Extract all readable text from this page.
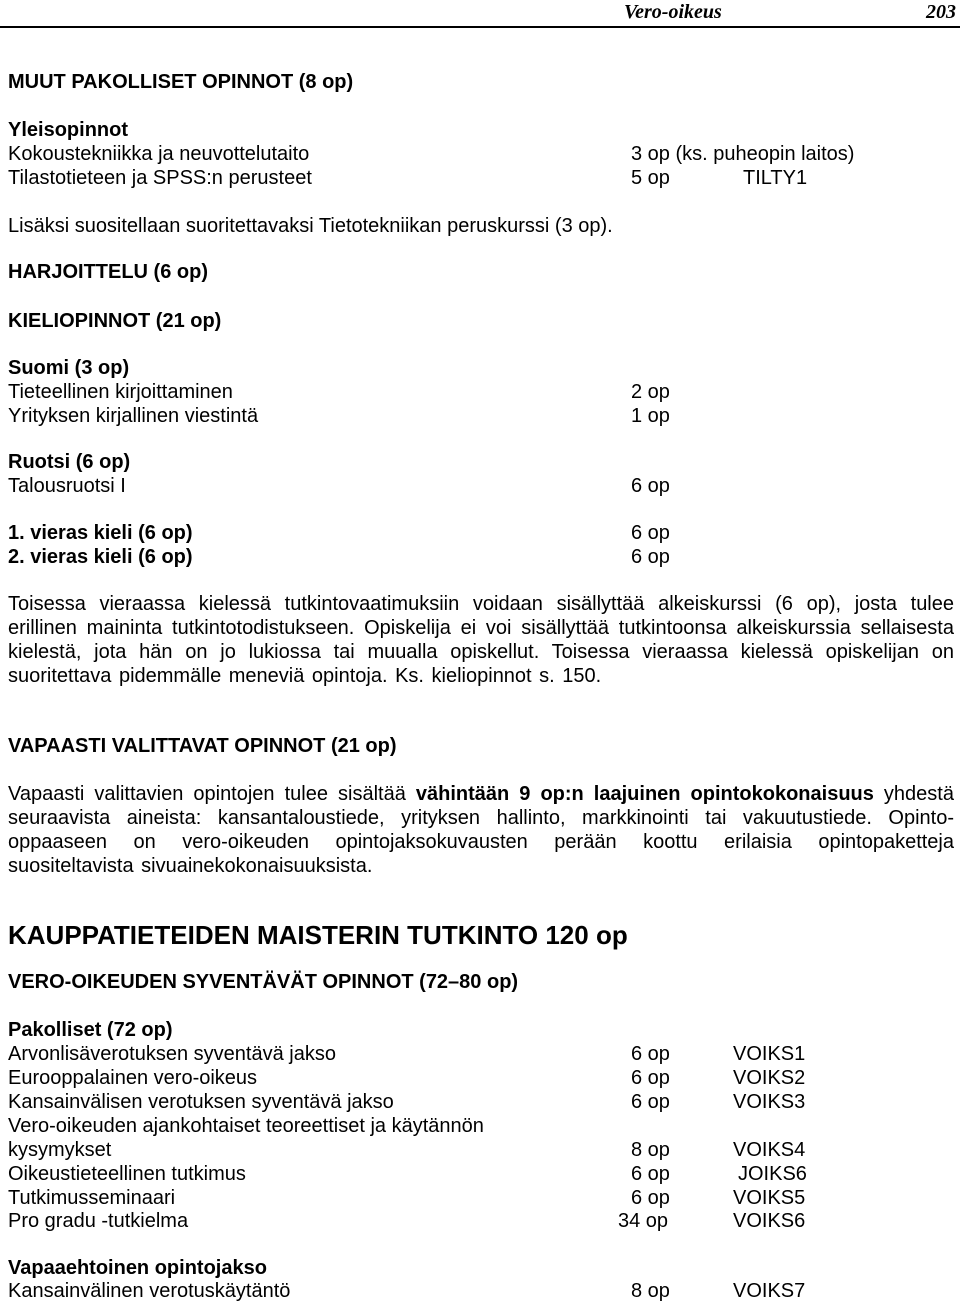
Vero-oikeus	203
MUUT PAKOLLISET OPINNOT (8 op)
Yleisopinnot
Kokoustekniikka ja neuvottelutaito	3 op (ks. puheopin laitos)
Tilastotieteen ja SPSS:n perusteet	5 op	TILTY1
Lisäksi suositellaan suoritettavaksi Tietotekniikan peruskurssi (3 op).
HARJOITTELU (6 op)
KIELIOPINNOT (21 op)
Suomi (3 op)
Tieteellinen kirjoittaminen	2 op
Yrityksen kirjallinen viestintä	1 op
Ruotsi (6 op)
Talousruotsi I	6 op
1. vieras kieli (6 op)	6 op
2. vieras kieli (6 op)	6 op
Toisessa vieraassa kielessä tutkintovaatimuksiin voidaan sisällyttää alkeiskurssi (6 op), josta tulee erillinen maininta tutkintotodistukseen. Opiskelija ei voi sisällyttää tutkintoonsa alkeiskurssia sellaisesta kielestä, jota hän on jo lukiossa tai muualla opiskellut. Toisessa vieraassa kielessä opiskelijan on suoritettava pidemmälle meneviä opintoja. Ks. kieliopinnot s. 150.
VAPAASTI VALITTAVAT OPINNOT (21 op)
Vapaasti valittavien opintojen tulee sisältää vähintään 9 op:n laajuinen opintokokonaisuus yhdestä seuraavista aineista: kansantaloustiede, yrityksen hallinto, markkinointi tai vakuutustiede. Opinto-oppaaseen on vero-oikeuden opintojaksokuvausten perään koottu erilaisia opintopaketteja suositeltavista sivuainekokonaisuuksista.
KAUPPATIETEIDEN MAISTERIN TUTKINTO 120 op
VERO-OIKEUDEN SYVENTÄVÄT OPINNOT (72–80 op)
Pakolliset (72 op)
Arvonlisäverotuksen syventävä jakso	6 op	VOIKS1
Eurooppalainen vero-oikeus	6 op	VOIKS2
Kansainvälisen verotuksen syventävä jakso	6 op	VOIKS3
Vero-oikeuden ajankohtaiset teoreettiset ja käytännön
kysymykset	8 op	VOIKS4
Oikeustieteellinen tutkimus	6 op	JOIKS6
Tutkimusseminaari	6 op	VOIKS5
Pro gradu -tutkielma	34 op	VOIKS6
Vapaaehtoinen opintojakso
Kansainvälinen verotuskäytäntö	8 op	VOIKS7
